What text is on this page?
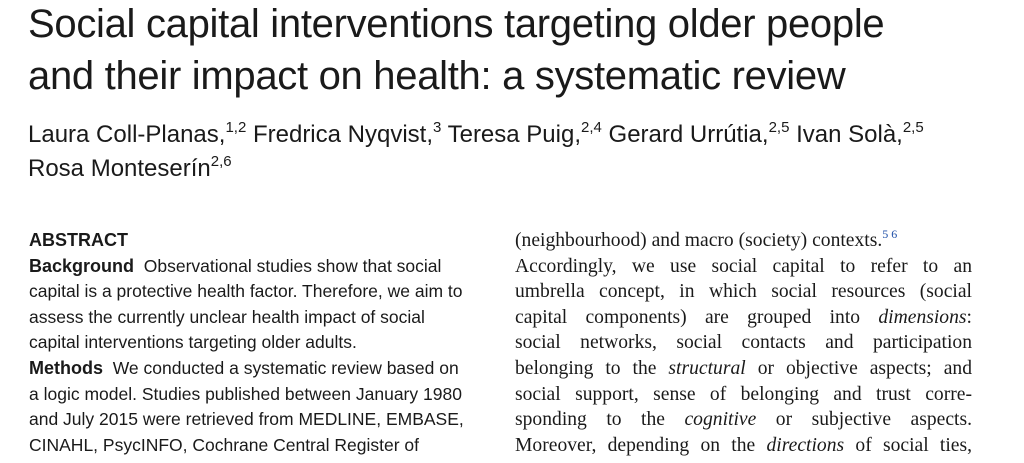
Social capital interventions targeting older people
and their impact on health: a systematic review
Laura Coll-Planas,$^{1,2}$ Fredrica Nyqvist,$^3$ Teresa Puig,$^{2,4}$ Gerard Urrútia,$^{2,5}$ Ivan Solà,$^{2,5}$
Rosa Monteserín$^{2,6}$
ABSTRACT
Background Observational studies show that social
capital is a protective health factor. Therefore, we aim to
assess the currently unclear health impact of social
capital interventions targeting older adults.
Methods We conducted a systematic review based on
a logic model. Studies published between January 1980
and July 2015 were retrieved from MEDLINE, EMBASE,
CINAHL, PsycINFO, Cochrane Central Register of
(neighbourhood) and macro (society) contexts.$^{5 6}$
Accordingly, we use social capital to refer to an
umbrella concept, in which social resources (social
capital components) are grouped into dimensions:
social networks, social contacts and participation
belonging to the structural or objective aspects; and
social support, sense of belonging and trust corre-
sponding to the cognitive or subjective aspects.
Moreover, depending on the directions of social ties,
